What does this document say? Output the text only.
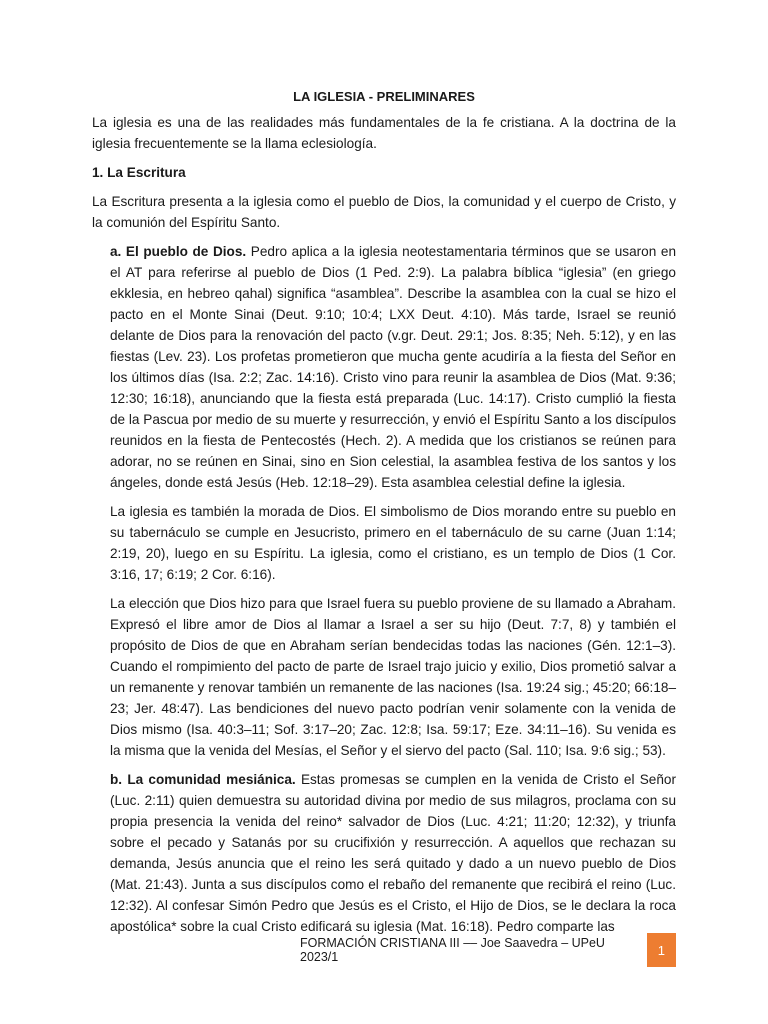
LA IGLESIA - PRELIMINARES

La iglesia es una de las realidades más fundamentales de la fe cristiana. A la doctrina de la iglesia frecuentemente se la llama eclesiología.

1. La Escritura

La Escritura presenta a la iglesia como el pueblo de Dios, la comunidad y el cuerpo de Cristo, y la comunión del Espíritu Santo.

a. El pueblo de Dios. Pedro aplica a la iglesia neotestamentaria términos que se usaron en el AT para referirse al pueblo de Dios (1 Ped. 2:9). La palabra bíblica “iglesia” (en griego ekklesia, en hebreo qahal) significa “asamblea”. Describe la asamblea con la cual se hizo el pacto en el Monte Sinai (Deut. 9:10; 10:4; LXX Deut. 4:10). Más tarde, Israel se reunió delante de Dios para la renovación del pacto (v.gr. Deut. 29:1; Jos. 8:35; Neh. 5:12), y en las fiestas (Lev. 23). Los profetas prometieron que mucha gente acudiría a la fiesta del Señor en los últimos días (Isa. 2:2; Zac. 14:16). Cristo vino para reunir la asamblea de Dios (Mat. 9:36; 12:30; 16:18), anunciando que la fiesta está preparada (Luc. 14:17). Cristo cumplió la fiesta de la Pascua por medio de su muerte y resurrección, y envió el Espíritu Santo a los discípulos reunidos en la fiesta de Pentecostés (Hech. 2). A medida que los cristianos se reúnen para adorar, no se reúnen en Sinai, sino en Sion celestial, la asamblea festiva de los santos y los ángeles, donde está Jesús (Heb. 12:18–29). Esta asamblea celestial define la iglesia.

La iglesia es también la morada de Dios. El simbolismo de Dios morando entre su pueblo en su tabernáculo se cumple en Jesucristo, primero en el tabernáculo de su carne (Juan 1:14; 2:19, 20), luego en su Espíritu. La iglesia, como el cristiano, es un templo de Dios (1 Cor. 3:16, 17; 6:19; 2 Cor. 6:16).

La elección que Dios hizo para que Israel fuera su pueblo proviene de su llamado a Abraham. Expresó el libre amor de Dios al llamar a Israel a ser su hijo (Deut. 7:7, 8) y también el propósito de Dios de que en Abraham serían bendecidas todas las naciones (Gén. 12:1–3). Cuando el rompimiento del pacto de parte de Israel trajo juicio y exilio, Dios prometió salvar a un remanente y renovar también un remanente de las naciones (Isa. 19:24 sig.; 45:20; 66:18–23; Jer. 48:47). Las bendiciones del nuevo pacto podrían venir solamente con la venida de Dios mismo (Isa. 40:3–11; Sof. 3:17–20; Zac. 12:8; Isa. 59:17; Eze. 34:11–16). Su venida es la misma que la venida del Mesías, el Señor y el siervo del pacto (Sal. 110; Isa. 9:6 sig.; 53).

b. La comunidad mesiánica. Estas promesas se cumplen en la venida de Cristo el Señor (Luc. 2:11) quien demuestra su autoridad divina por medio de sus milagros, proclama con su propia presencia la venida del reino* salvador de Dios (Luc. 4:21; 11:20; 12:32), y triunfa sobre el pecado y Satanás por su crucifixión y resurrección. A aquellos que rechazan su demanda, Jesús anuncia que el reino les será quitado y dado a un nuevo pueblo de Dios (Mat. 21:43). Junta a sus discípulos como el rebaño del remanente que recibirá el reino (Luc. 12:32). Al confesar Simón Pedro que Jesús es el Cristo, el Hijo de Dios, se le declara la roca apostólica* sobre la cual Cristo edificará su iglesia (Mat. 16:18). Pedro comparte las

FORMACIÓN CRISTIANA III –– Joe Saavedra – UPeU 2023/1	1
